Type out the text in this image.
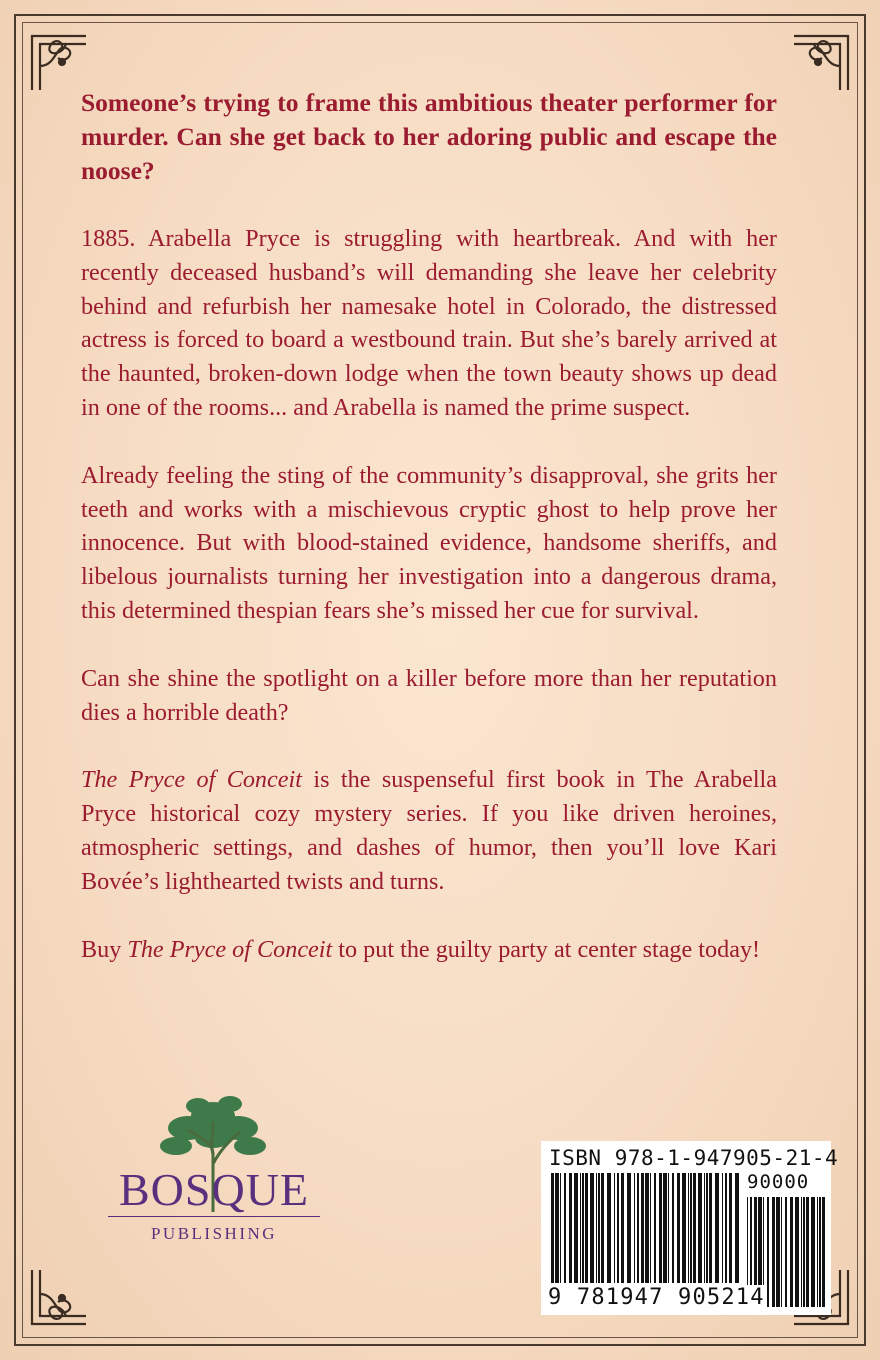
Someone’s trying to frame this ambitious theater performer for murder. Can she get back to her adoring public and escape the noose?

1885. Arabella Pryce is struggling with heartbreak. And with her recently deceased husband’s will demanding she leave her celebrity behind and refurbish her namesake hotel in Colorado, the distressed actress is forced to board a westbound train. But she’s barely arrived at the haunted, broken-down lodge when the town beauty shows up dead in one of the rooms... and Arabella is named the prime suspect.

Already feeling the sting of the community’s disapproval, she grits her teeth and works with a mischievous cryptic ghost to help prove her innocence. But with blood-stained evidence, handsome sheriffs, and libelous journalists turning her investigation into a dangerous drama, this determined thespian fears she’s missed her cue for survival.

Can she shine the spotlight on a killer before more than her reputation dies a horrible death?

The Pryce of Conceit is the suspenseful first book in The Arabella Pryce historical cozy mystery series. If you like driven heroines, atmospheric settings, and dashes of humor, then you’ll love Kari Bovée’s lighthearted twists and turns.

Buy The Pryce of Conceit to put the guilty party at center stage today!

BOSQUE
PUBLISHING
ISBN 978-1-947905-21-4
90000
9 781947 905214
